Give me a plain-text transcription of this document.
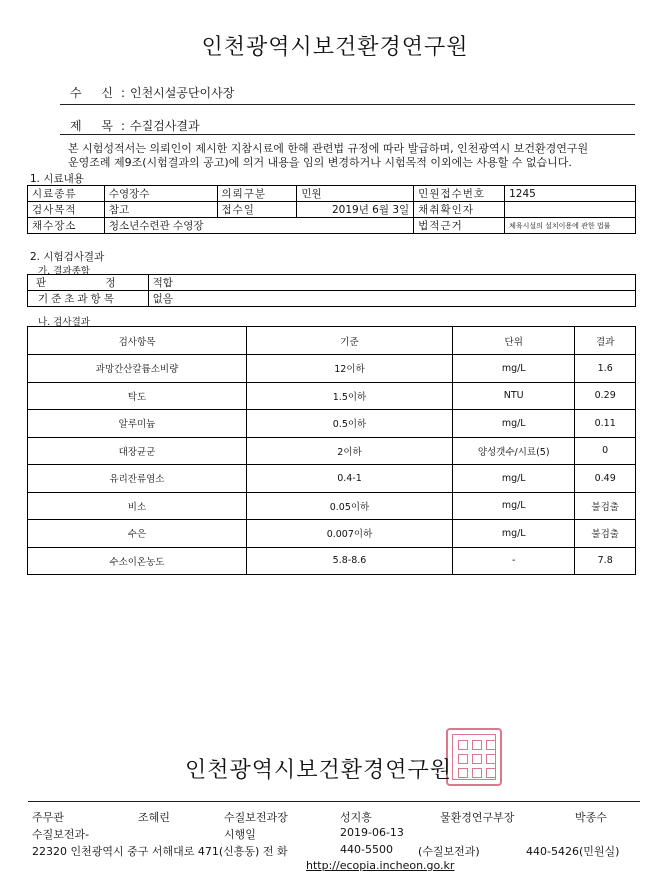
인천광역시보건환경연구원
수 신:
인천시설공단이사장
제 목:
수질검사결과

본 시험성적서는 의뢰인이 제시한 지참시료에 한해 관련법 규정에 따라 발급하며, 인천광역시 보건환경연구원

운영조례 제9조(시험결과의 공고)에 의거 내용을 임의 변경하거나 시험목적 이외에는 사용할 수 없습니다.

1. 시료내용
시료종류	수영장수	의뢰구분	민원	민원접수번호	1245
검사목적	참고	접수일	2019년 6월 3일	채취확인자	
채수장소	청소년수련관 수영장			법적근거	체육시설의 설치이용에 관한 법률
2. 시험검사결과
가. 결과종합
판 정	적합
기준초과항목	없음
나. 검사결과
검사항목	기준	단위	결과
과망간산칼륨소비량	12이하	mg/L	1.6
탁도	1.5이하	NTU	0.29
알루미늄	0.5이하	mg/L	0.11
대장균군	2이하	양성갯수/시료(5)	0
유리잔류염소	0.4-1	mg/L	0.49
비소	0.05이하	mg/L	불검출
수은	0.007이하	mg/L	불검출
수소이온농도	5.8-8.6	-	7.8
인천광역시보건환경연구원
주무관	조혜린	수질보전과장	성지흥	물환경연구부장	박종수
수질보전과-	시행일	2019-06-13
22320 인천광역시 중구 서해대로 471(신흥동) 전 화	440-5500 (수질보전과)	440-5426(민원실)
http://ecopia.incheon.go.kr
